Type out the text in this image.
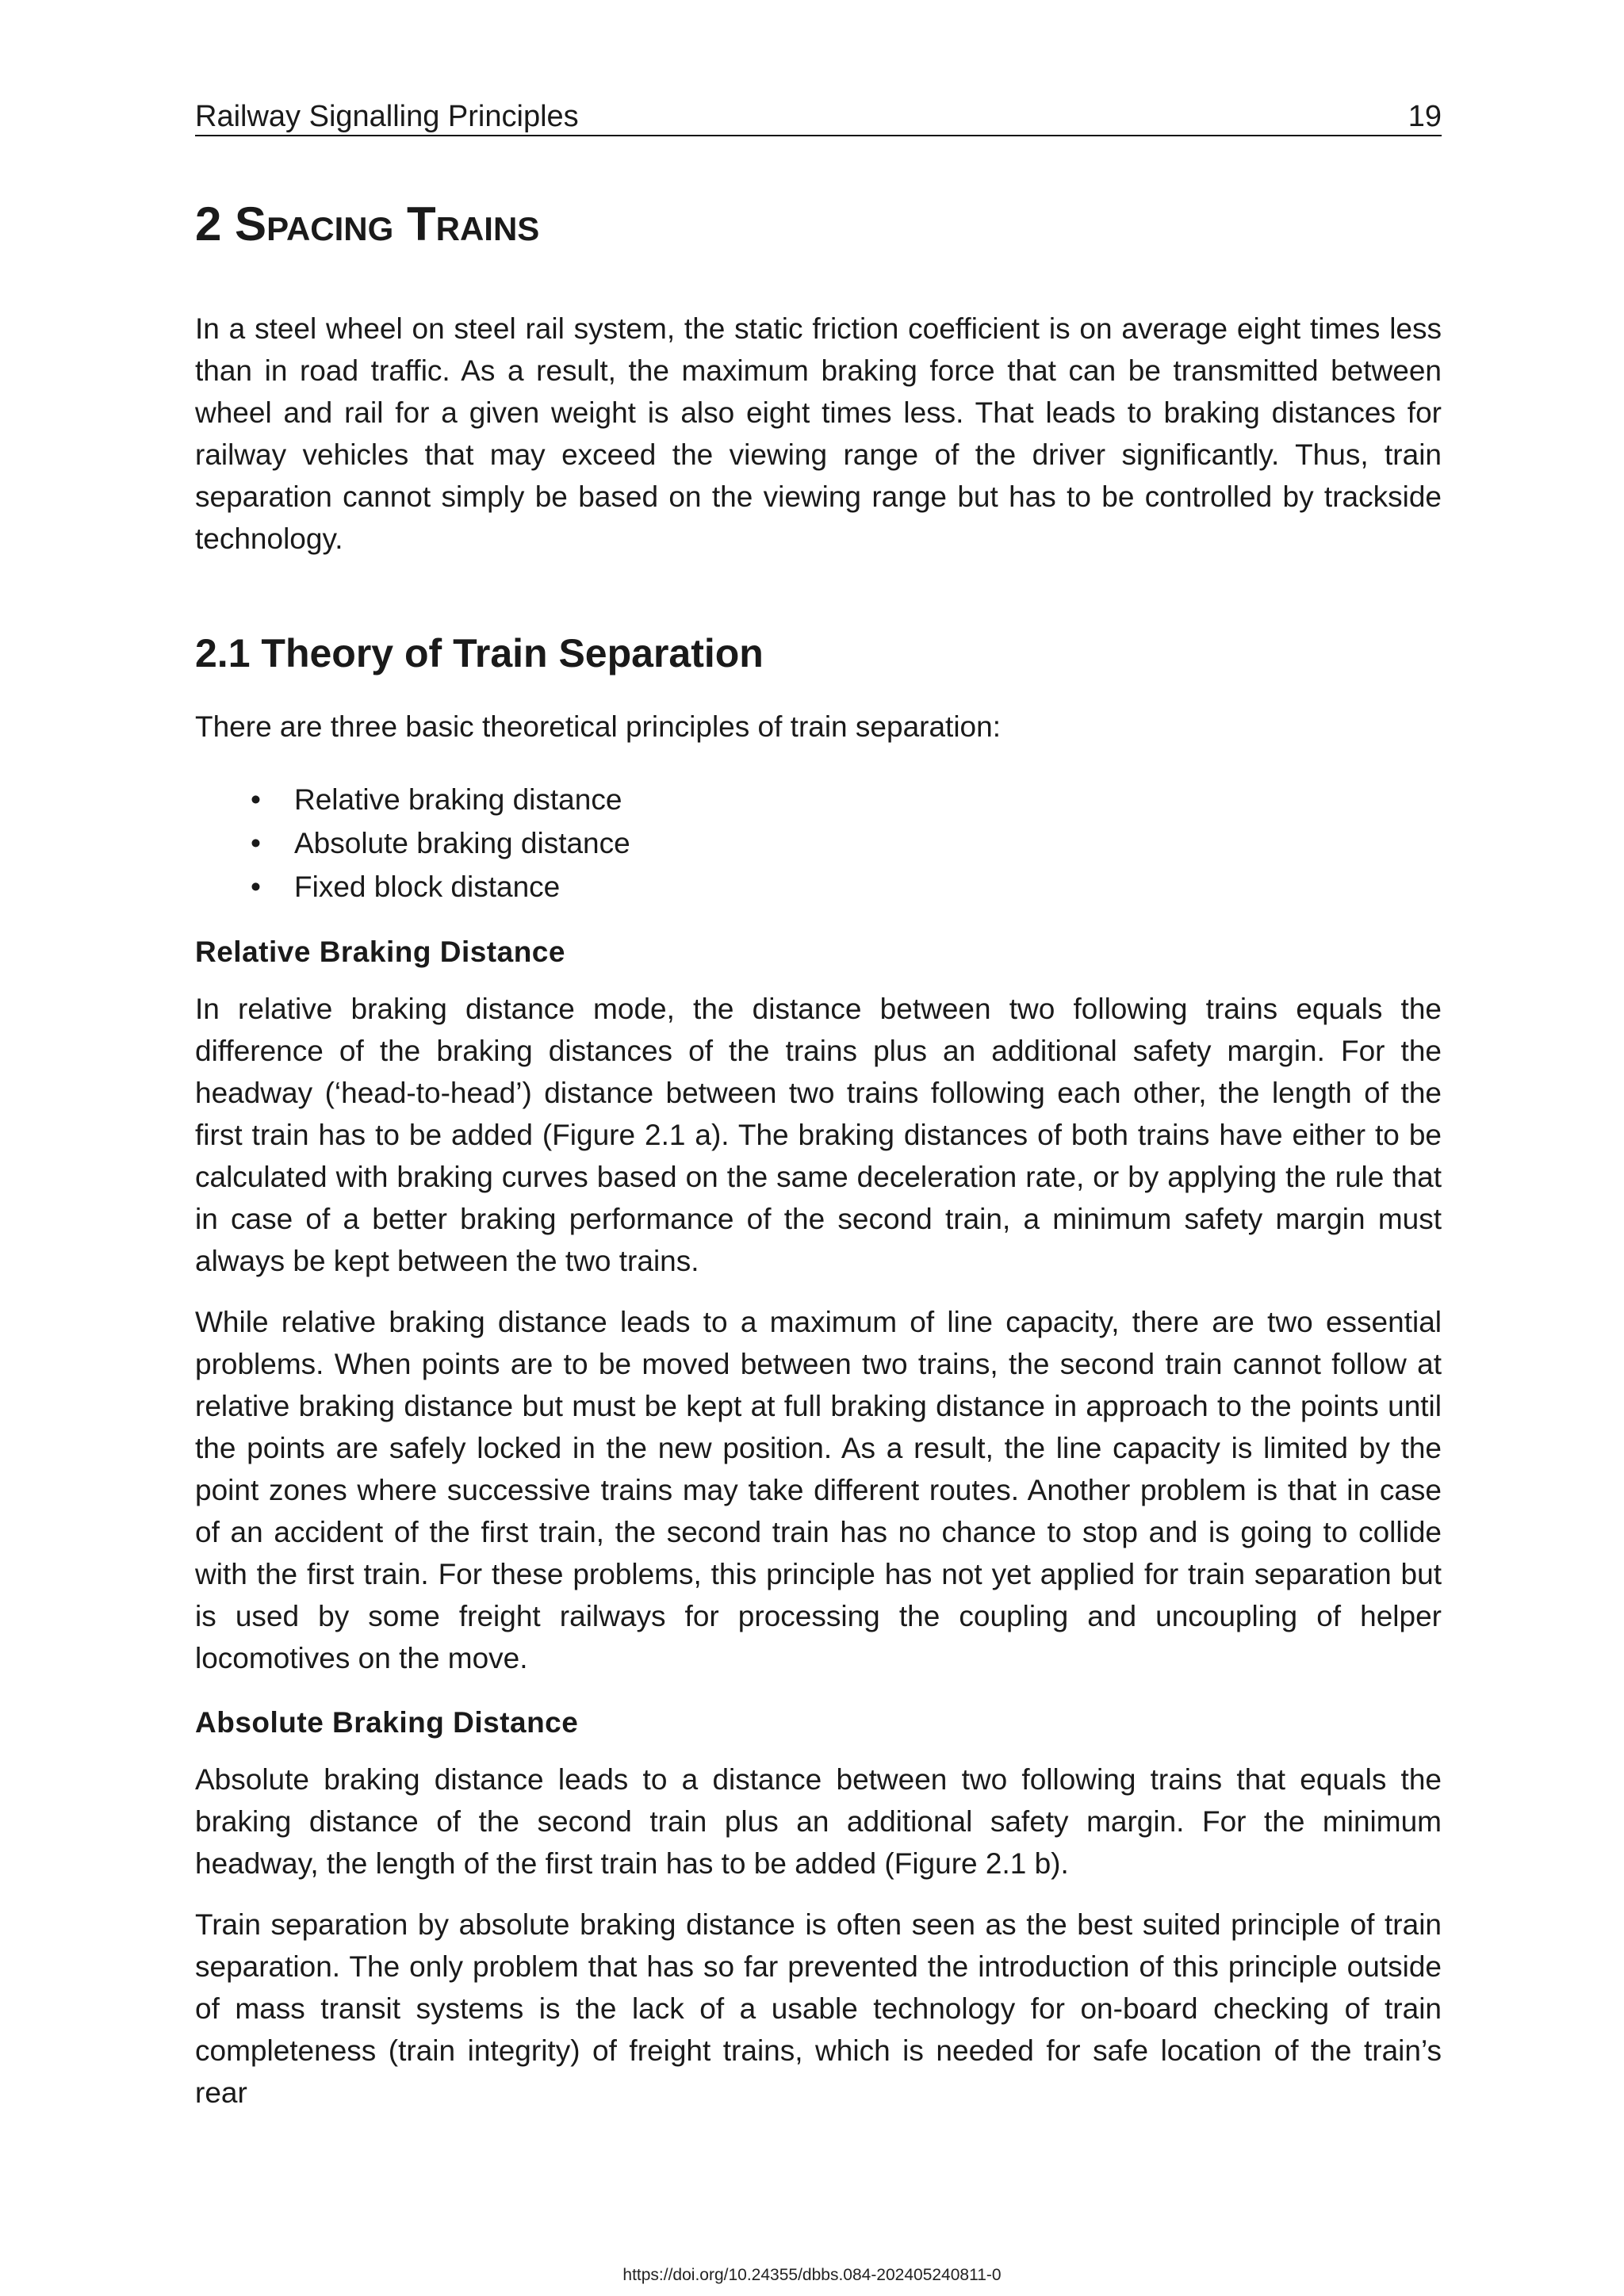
Railway Signalling Principles	19
2 Spacing Trains

In a steel wheel on steel rail system, the static friction coefficient is on average eight times less than in road traffic. As a result, the maximum braking force that can be transmitted between wheel and rail for a given weight is also eight times less. That leads to braking distances for railway vehicles that may exceed the viewing range of the driver significantly. Thus, train separation cannot simply be based on the viewing range but has to be controlled by trackside technology.

2.1 Theory of Train Separation

There are three basic theoretical principles of train separation:

• Relative braking distance
• Absolute braking distance
• Fixed block distance
Relative Braking Distance

In relative braking distance mode, the distance between two following trains equals the difference of the braking distances of the trains plus an additional safety margin. For the headway (‘head-to-head’) distance between two trains following each other, the length of the first train has to be added (Figure 2.1 a). The braking distances of both trains have either to be calculated with braking curves based on the same deceleration rate, or by applying the rule that in case of a better braking performance of the second train, a minimum safety margin must always be kept between the two trains.

While relative braking distance leads to a maximum of line capacity, there are two essential problems. When points are to be moved between two trains, the second train cannot follow at relative braking distance but must be kept at full braking distance in approach to the points until the points are safely locked in the new position. As a result, the line capacity is limited by the point zones where successive trains may take different routes. Another problem is that in case of an accident of the first train, the second train has no chance to stop and is going to collide with the first train. For these problems, this principle has not yet applied for train separation but is used by some freight railways for processing the coupling and uncoupling of helper locomotives on the move.

Absolute Braking Distance

Absolute braking distance leads to a distance between two following trains that equals the braking distance of the second train plus an additional safety margin. For the minimum headway, the length of the first train has to be added (Figure 2.1 b).

Train separation by absolute braking distance is often seen as the best suited principle of train separation. The only problem that has so far prevented the introduction of this principle outside of mass transit systems is the lack of a usable technology for on-board checking of train completeness (train integrity) of freight trains, which is needed for safe location of the train’s rear

https://doi.org/10.24355/dbbs.084-202405240811-0
